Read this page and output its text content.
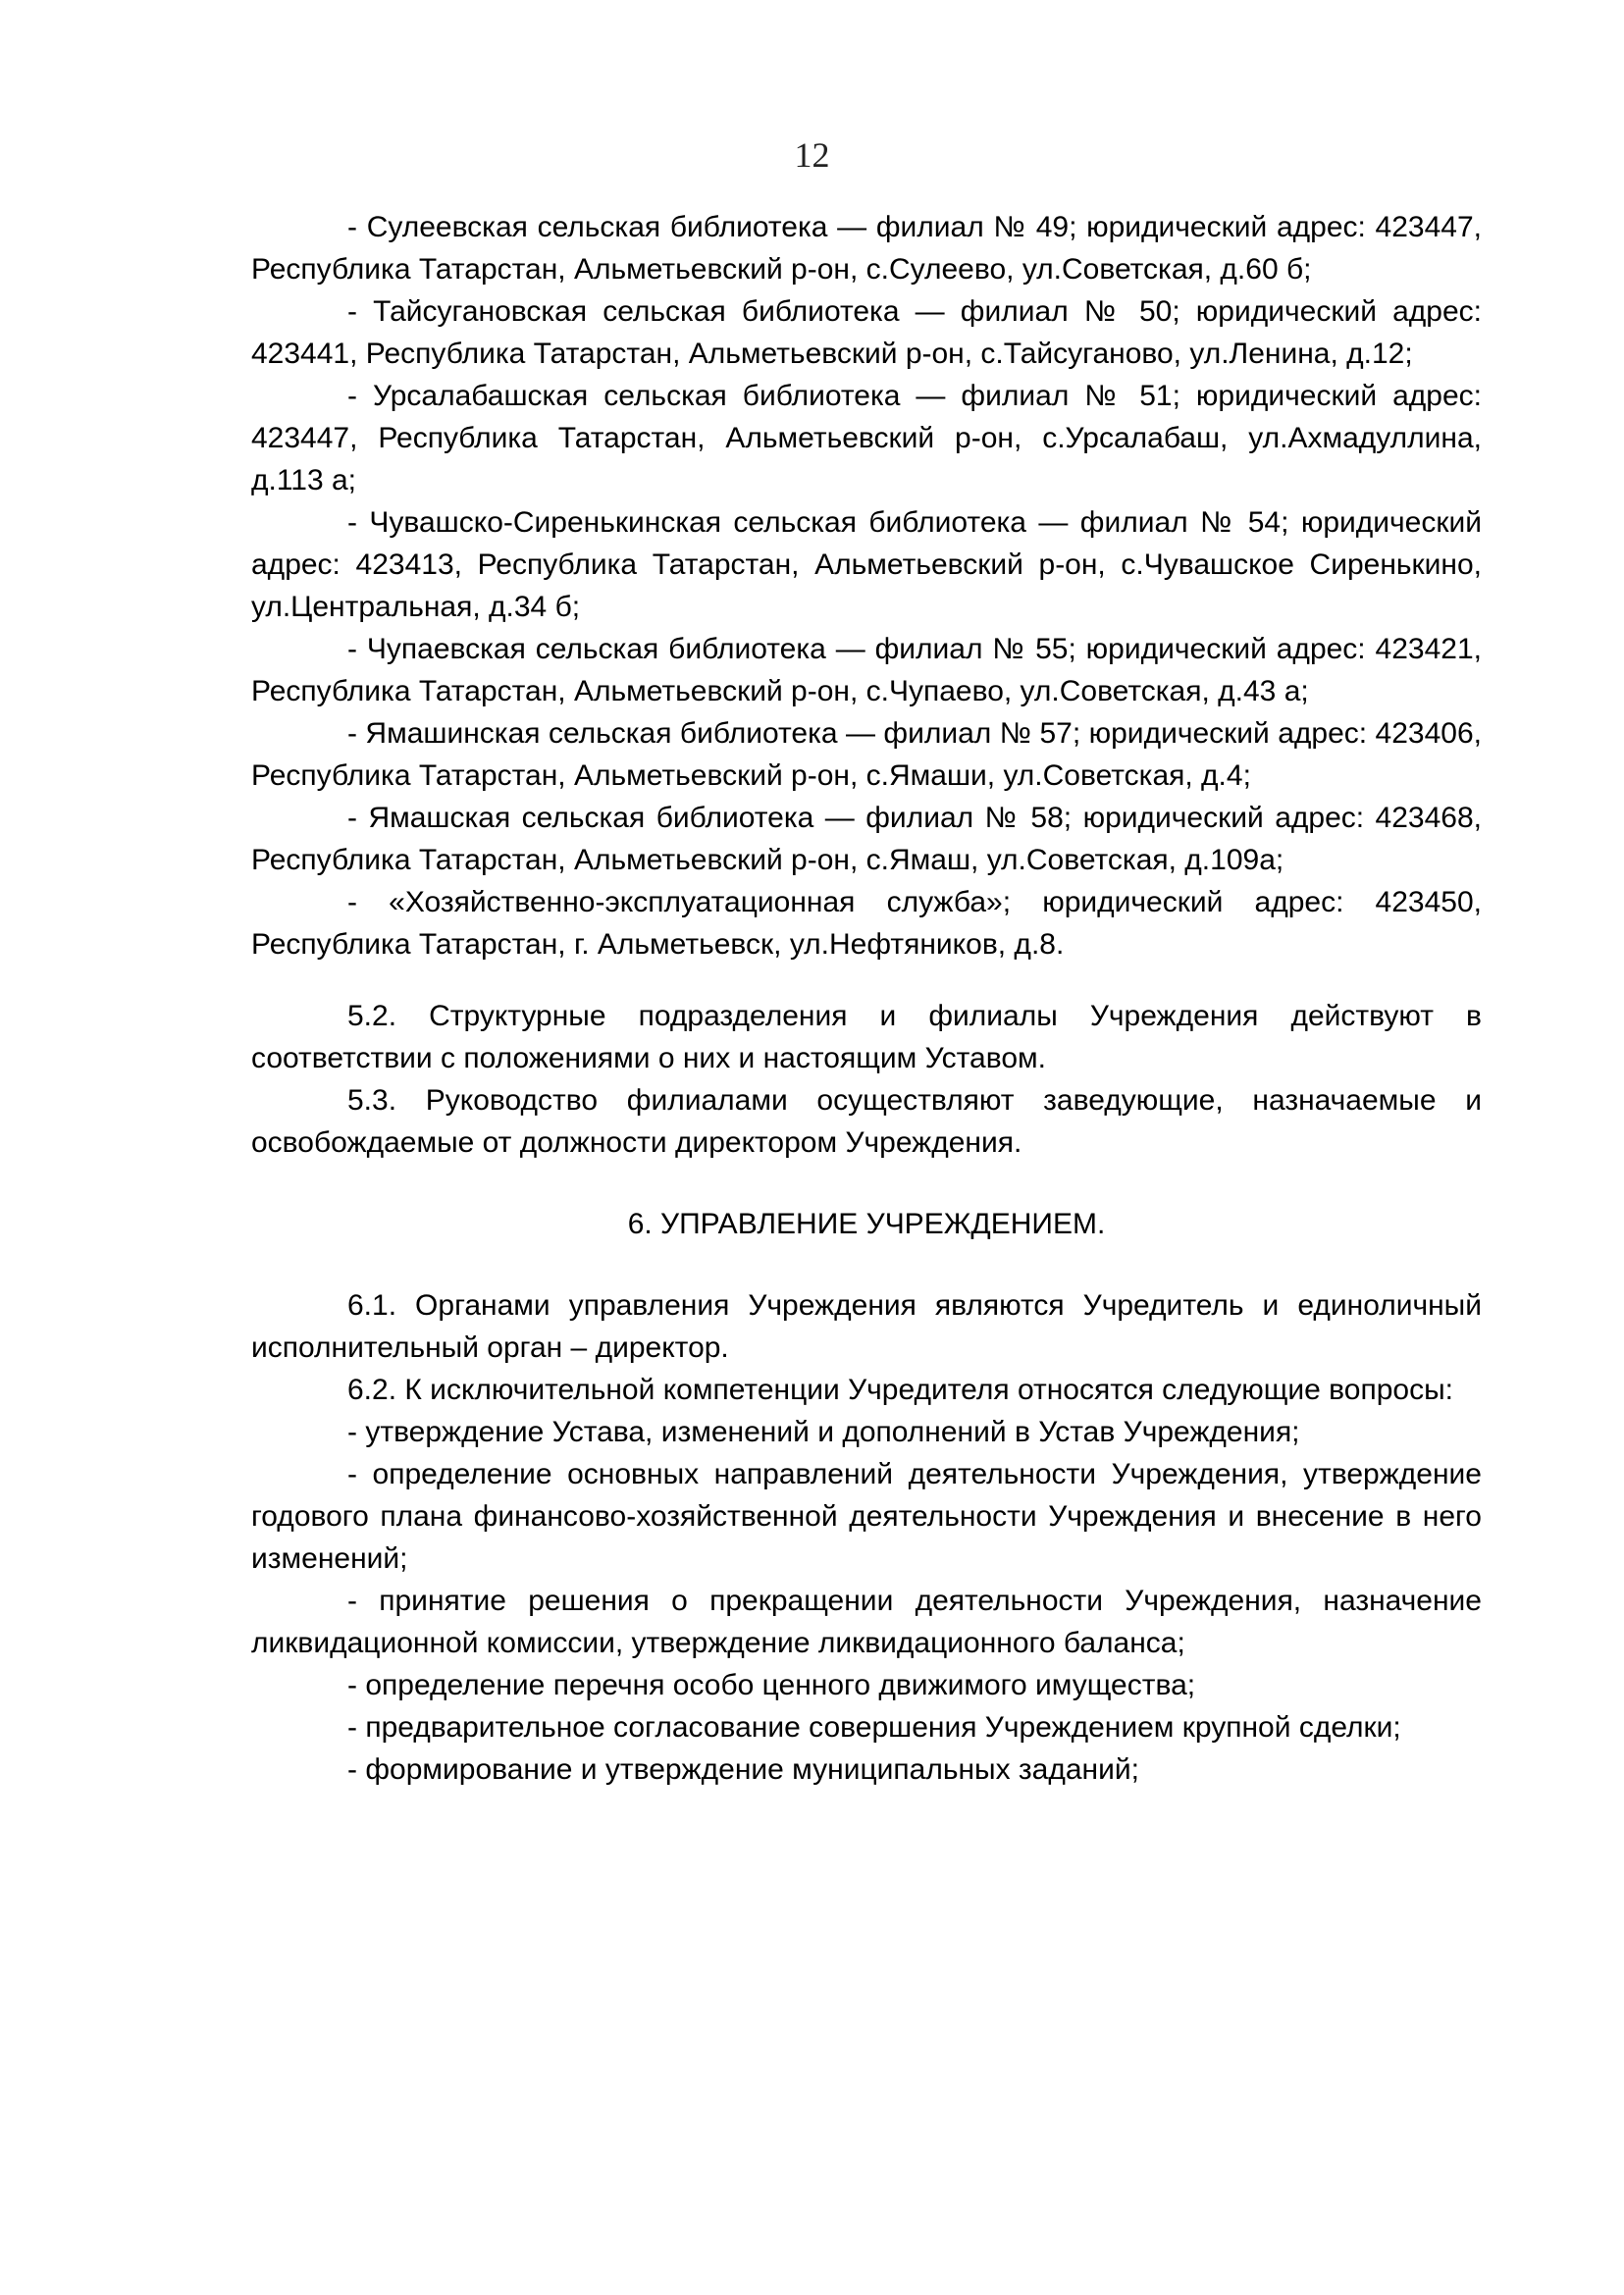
12

- Сулеевская сельская библиотека — филиал № 49; юридический адрес: 423447, Республика Татарстан, Альметьевский р-он, с.Сулеево, ул.Советская, д.60 б;

- Тайсугановская сельская библиотека — филиал № 50; юридический адрес: 423441, Республика Татарстан, Альметьевский р-он, с.Тайсуганово, ул.Ленина, д.12;

- Урсалабашская сельская библиотека — филиал № 51; юридический адрес: 423447, Республика Татарстан, Альметьевский р-он, с.Урсалабаш, ул.Ахмадуллина, д.113 а;

- Чувашско-Сиренькинская сельская библиотека — филиал № 54; юридический адрес: 423413, Республика Татарстан, Альметьевский р-он, с.Чувашское Сиренькино, ул.Центральная, д.34 б;

- Чупаевская сельская библиотека — филиал № 55; юридический адрес: 423421, Республика Татарстан, Альметьевский р-он, с.Чупаево, ул.Советская, д.43 а;

- Ямашинская сельская библиотека — филиал № 57; юридический адрес: 423406, Республика Татарстан, Альметьевский р-он, с.Ямаши, ул.Советская, д.4;

- Ямашская сельская библиотека — филиал № 58; юридический адрес: 423468, Республика Татарстан, Альметьевский р-он, с.Ямаш, ул.Советская, д.109а;

- «Хозяйственно-эксплуатационная служба»; юридический адрес: 423450, Республика Татарстан, г. Альметьевск, ул.Нефтяников, д.8.

5.2. Структурные подразделения и филиалы Учреждения действуют в соответствии с положениями о них и настоящим Уставом.

5.3. Руководство филиалами осуществляют заведующие, назначаемые и освобождаемые от должности директором Учреждения.

6. УПРАВЛЕНИЕ УЧРЕЖДЕНИЕМ.

6.1. Органами управления Учреждения являются Учредитель и единоличный исполнительный орган – директор.

6.2. К исключительной компетенции Учредителя относятся следующие вопросы:

- утверждение Устава, изменений и дополнений в Устав Учреждения;

- определение основных направлений деятельности Учреждения, утверждение годового плана финансово-хозяйственной деятельности Учреждения и внесение в него изменений;

- принятие решения о прекращении деятельности Учреждения, назначение ликвидационной комиссии, утверждение ликвидационного баланса;

- определение перечня особо ценного движимого имущества;

- предварительное согласование совершения Учреждением крупной сделки;

- формирование и утверждение муниципальных заданий;
